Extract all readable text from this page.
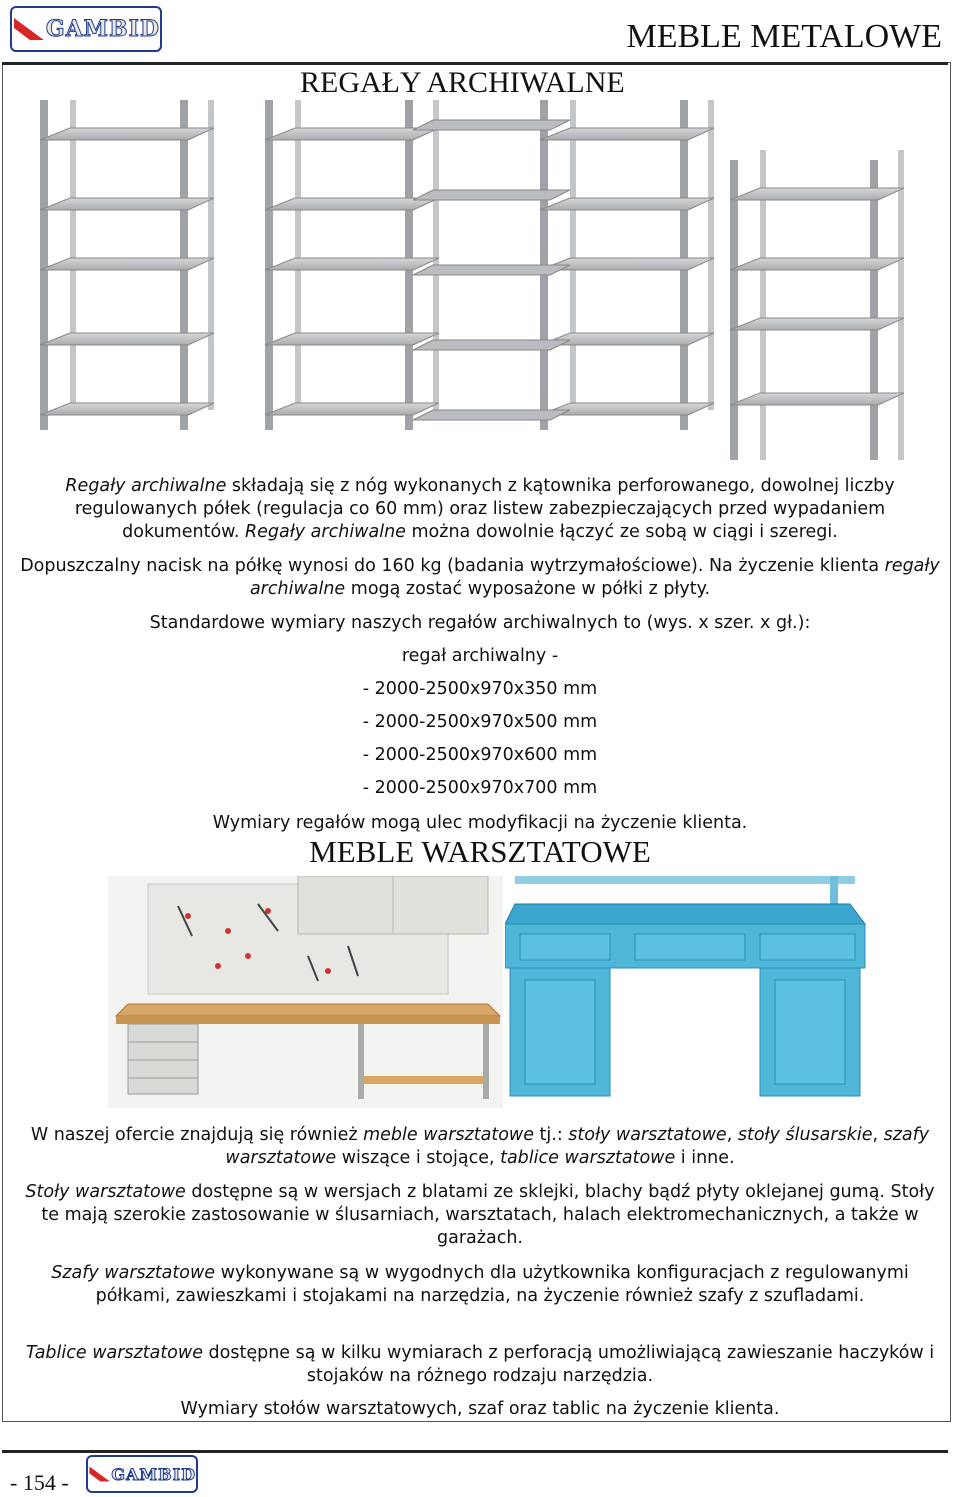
GAMBID	MEBLE METALOWE
REGAŁY ARCHIWALNE
Regały archiwalne składają się z nóg wykonanych z kątownika perforowanego, dowolnej liczby regulowanych półek (regulacja co 60 mm) oraz listew zabezpieczających przed wypadaniem dokumentów. Regały archiwalne można dowolnie łączyć ze sobą w ciągi i szeregi.
Dopuszczalny nacisk na półkę wynosi do 160 kg (badania wytrzymałościowe). Na życzenie klienta regały archiwalne mogą zostać wyposażone w półki z płyty.
Standardowe wymiary naszych regałów archiwalnych to (wys. x szer. x gł.):
regał archiwalny -
- 2000-2500x970x350 mm
- 2000-2500x970x500 mm
- 2000-2500x970x600 mm
- 2000-2500x970x700 mm
Wymiary regałów mogą ulec modyfikacji na życzenie klienta.
MEBLE WARSZTATOWE
W naszej ofercie znajdują się również meble warsztatowe tj.: stoły warsztatowe, stoły ślusarskie, szafy warsztatowe wiszące i stojące, tablice warsztatowe i inne.
Stoły warsztatowe dostępne są w wersjach z blatami ze sklejki, blachy bądź płyty oklejanej gumą. Stoły te mają szerokie zastosowanie w ślusarniach, warsztatach, halach elektromechanicznych, a także w garażach.
Szafy warsztatowe wykonywane są w wygodnych dla użytkownika konfiguracjach z regulowanymi półkami, zawieszkami i stojakami na narzędzia, na życzenie również szafy z szufladami.
Tablice warsztatowe dostępne są w kilku wymiarach z perforacją umożliwiającą zawieszanie haczyków i stojaków na różnego rodzaju narzędzia.
Wymiary stołów warsztatowych, szaf oraz tablic na życzenie klienta.
- 154 -	GAMBID
